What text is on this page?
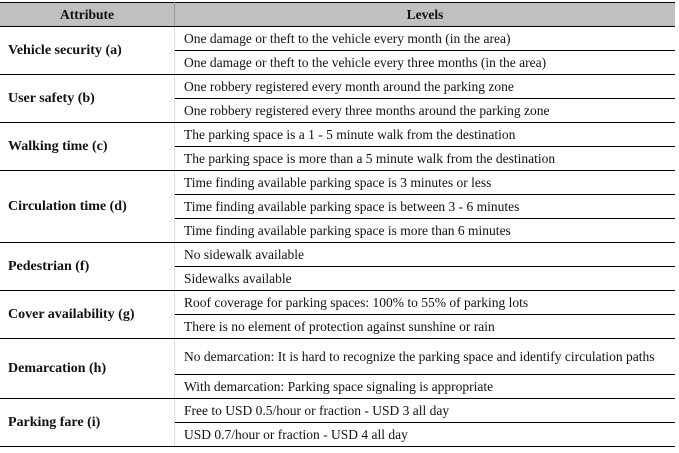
Attribute	Levels
Vehicle security (a)	One damage or theft to the vehicle every month (in the area)
	One damage or theft to the vehicle every three months (in the area)
User safety (b)	One robbery registered every month around the parking zone
	One robbery registered every three months around the parking zone
Walking time (c)	The parking space is a 1 - 5 minute walk from the destination
	The parking space is more than a 5 minute walk from the destination
Circulation time (d)	Time finding available parking space is 3 minutes or less
	Time finding available parking space is between 3 - 6 minutes
	Time finding available parking space is more than 6 minutes
Pedestrian (f)	No sidewalk available
	Sidewalks available
Cover availability (g)	Roof coverage for parking spaces: 100% to 55% of parking lots
	There is no element of protection against sunshine or rain
Demarcation (h)	No demarcation: It is hard to recognize the parking space and identify circulation paths
	With demarcation: Parking space signaling is appropriate
Parking fare (i)	Free to USD 0.5/hour or fraction - USD 3 all day
	USD 0.7/hour or fraction - USD 4 all day
